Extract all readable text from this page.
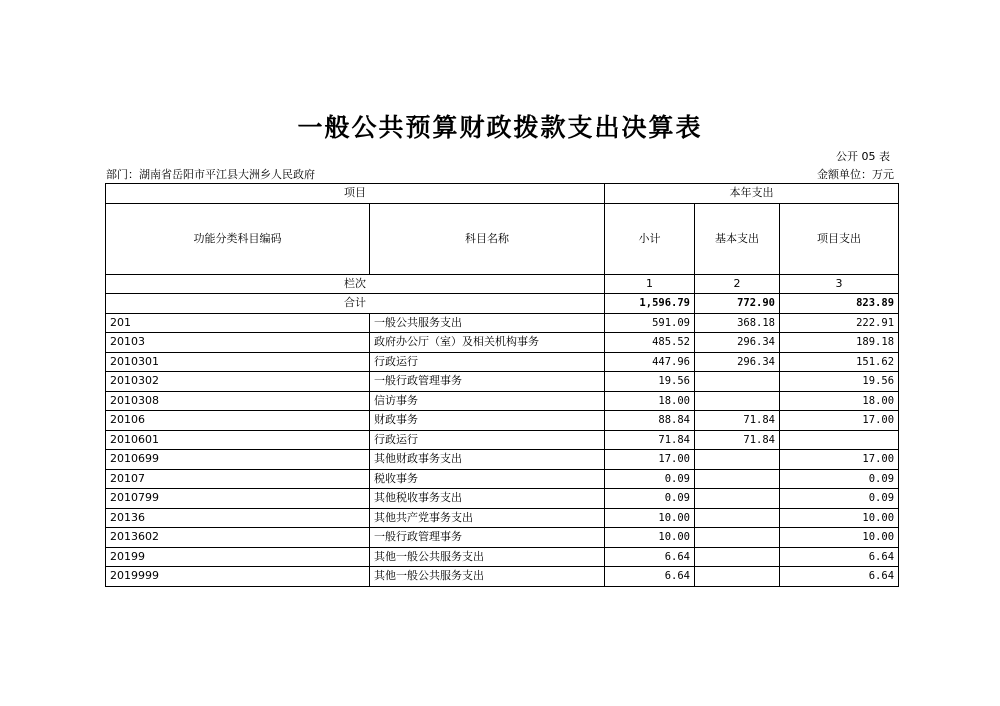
一般公共预算财政拨款支出决算表
公开 05 表
部门：湖南省岳阳市平江县大洲乡人民政府	金额单位：万元
项目		本年支出		
功能分类科目编码	科目名称	小计	基本支出	项目支出
栏次		1	2	3
合计		1,596.79	772.90	823.89
201	一般公共服务支出	591.09	368.18	222.91
20103	政府办公厅（室）及相关机构事务	485.52	296.34	189.18
2010301	行政运行	447.96	296.34	151.62
2010302	一般行政管理事务	19.56		19.56
2010308	信访事务	18.00		18.00
20106	财政事务	88.84	71.84	17.00
2010601	行政运行	71.84	71.84	
2010699	其他财政事务支出	17.00		17.00
20107	税收事务	0.09		0.09
2010799	其他税收事务支出	0.09		0.09
20136	其他共产党事务支出	10.00		10.00
2013602	一般行政管理事务	10.00		10.00
20199	其他一般公共服务支出	6.64		6.64
2019999	其他一般公共服务支出	6.64		6.64
